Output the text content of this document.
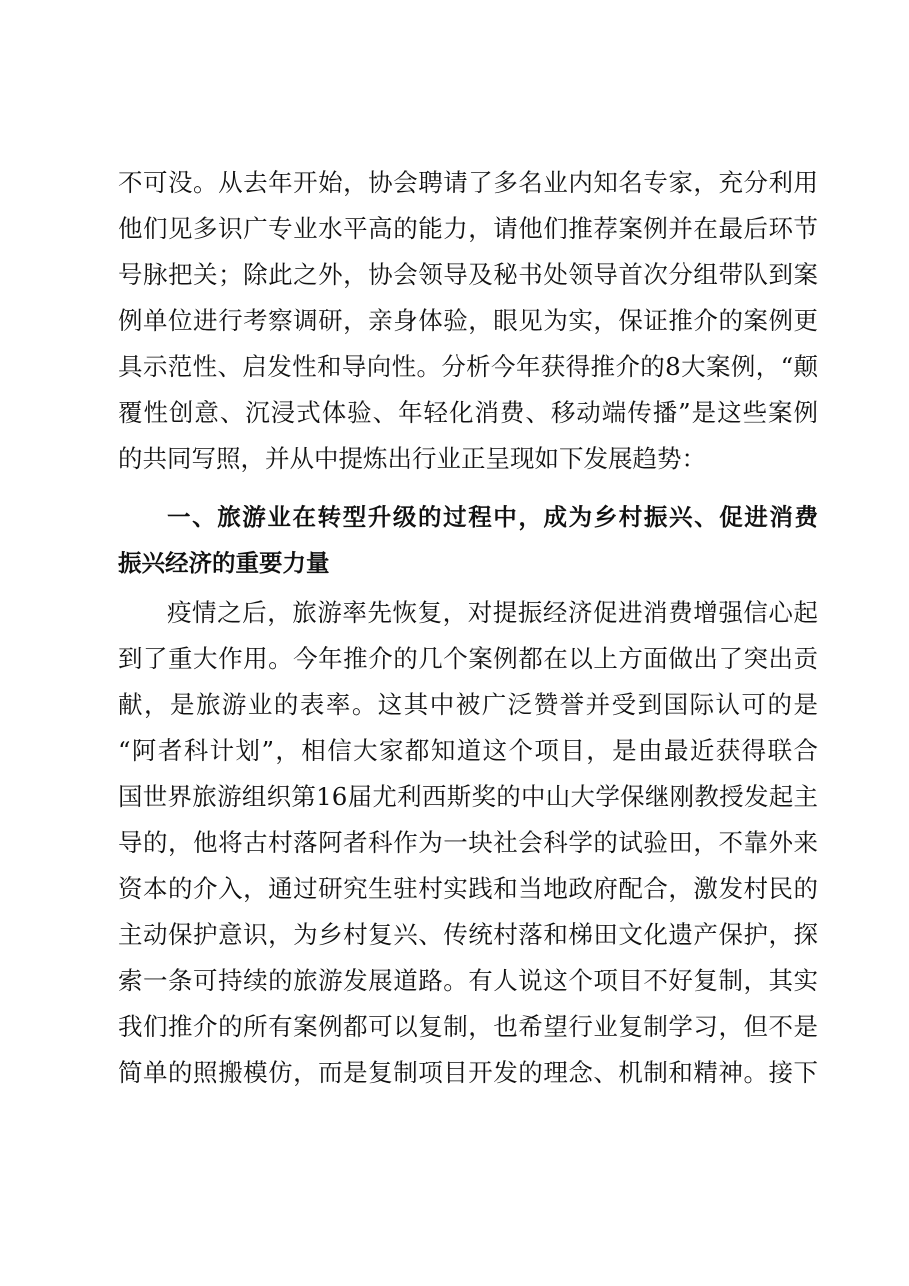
不可没。从去年开始，协会聘请了多名业内知名专家，充分利用
他们见多识广专业水平高的能力，请他们推荐案例并在最后环节
号脉把关；除此之外，协会领导及秘书处领导首次分组带队到案
例单位进行考察调研，亲身体验，眼见为实，保证推介的案例更
具示范性、启发性和导向性。分析今年获得推介的8大案例，“颠
覆性创意、沉浸式体验、年轻化消费、移动端传播”是这些案例
的共同写照，并从中提炼出行业正呈现如下发展趋势：
一、旅游业在转型升级的过程中，成为乡村振兴、促进消费
振兴经济的重要力量
疫情之后，旅游率先恢复，对提振经济促进消费增强信心起
到了重大作用。今年推介的几个案例都在以上方面做出了突出贡
献，是旅游业的表率。这其中被广泛赞誉并受到国际认可的是
“阿者科计划”，相信大家都知道这个项目，是由最近获得联合
国世界旅游组织第16届尤利西斯奖的中山大学保继刚教授发起主
导的，他将古村落阿者科作为一块社会科学的试验田，不靠外来
资本的介入，通过研究生驻村实践和当地政府配合，激发村民的
主动保护意识，为乡村复兴、传统村落和梯田文化遗产保护，探
索一条可持续的旅游发展道路。有人说这个项目不好复制，其实
我们推介的所有案例都可以复制，也希望行业复制学习，但不是
简单的照搬模仿，而是复制项目开发的理念、机制和精神。接下
